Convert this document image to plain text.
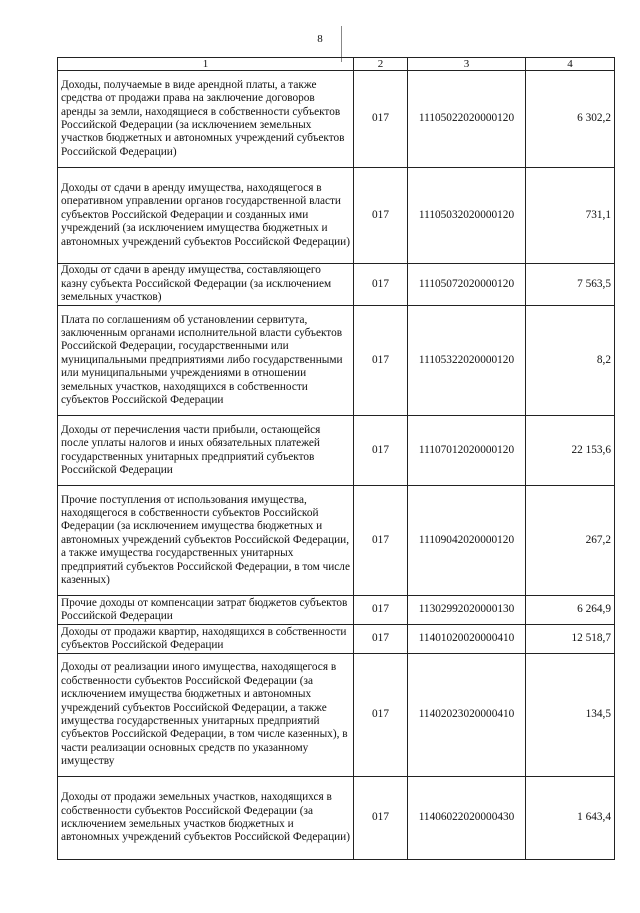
8
1	2	3	4
Доходы, получаемые в виде арендной платы, а также средства от продажи права на заключение договоров аренды за земли, находящиеся в собственности субъектов Российской Федерации (за исключением земельных участков бюджетных и автономных учреждений субъектов Российской Федерации)	017	11105022020000120	6 302,2
Доходы от сдачи в аренду имущества, находящегося в оперативном управлении органов государственной власти субъектов Российской Федерации и созданных ими учреждений (за исключением имущества бюджетных и автономных учреждений субъектов Российской Федерации)	017	11105032020000120	731,1
Доходы от сдачи в аренду имущества, составляющего казну субъекта Российской Федерации (за исключением земельных участков)	017	11105072020000120	7 563,5
Плата по соглашениям об установлении сервитута, заключенным органами исполнительной власти субъектов Российской Федерации, государственными или муниципальными предприятиями либо государственными или муниципальными учреждениями в отношении земельных участков, находящихся в собственности субъектов Российской Федерации	017	11105322020000120	8,2
Доходы от перечисления части прибыли, остающейся после уплаты налогов и иных обязательных платежей государственных унитарных предприятий субъектов Российской Федерации	017	11107012020000120	22 153,6
Прочие поступления от использования имущества, находящегося в собственности субъектов Российской Федерации (за исключением имущества бюджетных и автономных учреждений субъектов Российской Федерации, а также имущества государственных унитарных предприятий субъектов Российской Федерации, в том числе казенных)	017	11109042020000120	267,2
Прочие доходы от компенсации затрат бюджетов субъектов Российской Федерации	017	11302992020000130	6 264,9
Доходы от продажи квартир, находящихся в собственности субъектов Российской Федерации	017	11401020020000410	12 518,7
Доходы от реализации иного имущества, находящегося в собственности субъектов Российской Федерации (за исключением имущества бюджетных и автономных учреждений субъектов Российской Федерации, а также имущества государственных унитарных предприятий субъектов Российской Федерации, в том числе казенных), в части реализации основных средств по указанному имуществу	017	11402023020000410	134,5
Доходы от продажи земельных участков, находящихся в собственности субъектов Российской Федерации (за исключением земельных участков бюджетных и автономных учреждений субъектов Российской Федерации)	017	11406022020000430	1 643,4
